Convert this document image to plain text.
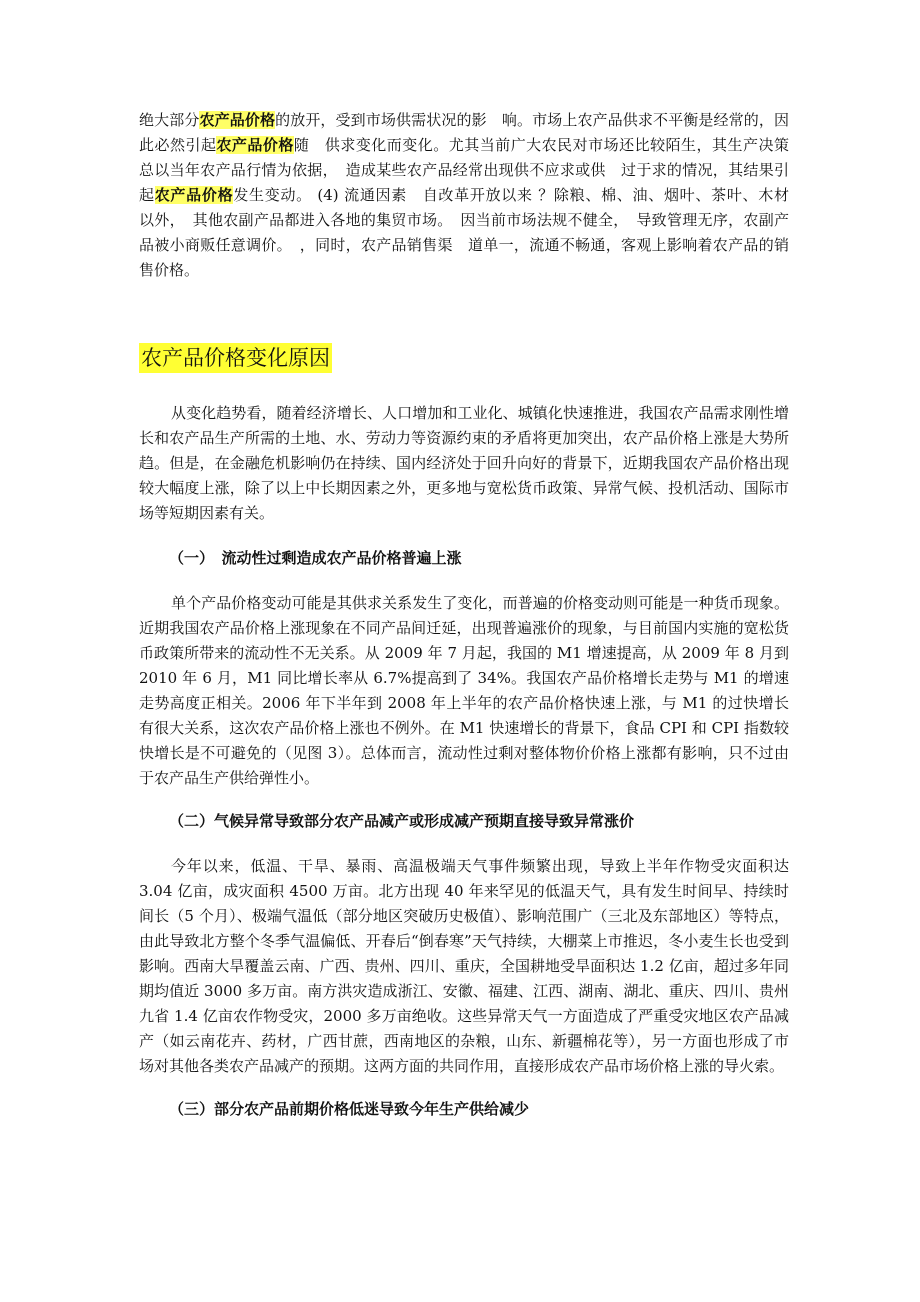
绝大部分农产品价格的放开，受到市场供需状况的影　响。市场上农产品供求不平衡是经常的，因此必然引起农产品价格随　供求变化而变化。尤其当前广大农民对市场还比较陌生，其生产决策　总以当年农产品行情为依据，　造成某些农产品经常出现供不应求或供　过于求的情况，其结果引起农产品价格发生变动。 (4) 流通因素　自改革开放以来 ？除粮、棉、油、烟叶、茶叶、木材　以外，　其他农副产品都进入各地的集贸市场。　因当前市场法规不健全，　导致管理无序，农副产品被小商贩任意调价。　，同时，农产品销售渠　道单一，流通不畅通，客观上影响着农产品的销售价格。

农产品价格变化原因

从变化趋势看，随着经济增长、人口增加和工业化、城镇化快速推进，我国农产品需求刚性增长和农产品生产所需的土地、水、劳动力等资源约束的矛盾将更加突出，农产品价格上涨是大势所趋。但是，在金融危机影响仍在持续、国内经济处于回升向好的背景下，近期我国农产品价格出现较大幅度上涨，除了以上中长期因素之外，更多地与宽松货币政策、异常气候、投机活动、国际市场等短期因素有关。

（一）　流动性过剩造成农产品价格普遍上涨

单个产品价格变动可能是其供求关系发生了变化，而普遍的价格变动则可能是一种货币现象。近期我国农产品价格上涨现象在不同产品间迁延，出现普遍涨价的现象，与目前国内实施的宽松货币政策所带来的流动性不无关系。从 2009 年 7 月起，我国的 M1 增速提高，从 2009 年 8 月到 2010 年 6 月，M1 同比增长率从 6.7%提高到了 34%。我国农产品价格增长走势与 M1 的增速走势高度正相关。2006 年下半年到 2008 年上半年的农产品价格快速上涨，与 M1 的过快增长有很大关系，这次农产品价格上涨也不例外。在 M1 快速增长的背景下，食品 CPI 和 CPI 指数较快增长是不可避免的（见图 3）。总体而言，流动性过剩对整体物价价格上涨都有影响，只不过由于农产品生产供给弹性小。

（二）气候异常导致部分农产品减产或形成减产预期直接导致异常涨价

今年以来，低温、干旱、暴雨、高温极端天气事件频繁出现，导致上半年作物受灾面积达 3.04 亿亩，成灾面积 4500 万亩。北方出现 40 年来罕见的低温天气，具有发生时间早、持续时间长（5 个月）、极端气温低（部分地区突破历史极值）、影响范围广（三北及东部地区）等特点，由此导致北方整个冬季气温偏低、开春后“倒春寒”天气持续，大棚菜上市推迟，冬小麦生长也受到影响。西南大旱覆盖云南、广西、贵州、四川、重庆，全国耕地受旱面积达 1.2 亿亩，超过多年同期均值近 3000 多万亩。南方洪灾造成浙江、安徽、福建、江西、湖南、湖北、重庆、四川、贵州九省 1.4 亿亩农作物受灾，2000 多万亩绝收。这些异常天气一方面造成了严重受灾地区农产品减产（如云南花卉、药材，广西甘蔗，西南地区的杂粮，山东、新疆棉花等），另一方面也形成了市场对其他各类农产品减产的预期。这两方面的共同作用，直接形成农产品市场价格上涨的导火索。

（三）部分农产品前期价格低迷导致今年生产供给减少
